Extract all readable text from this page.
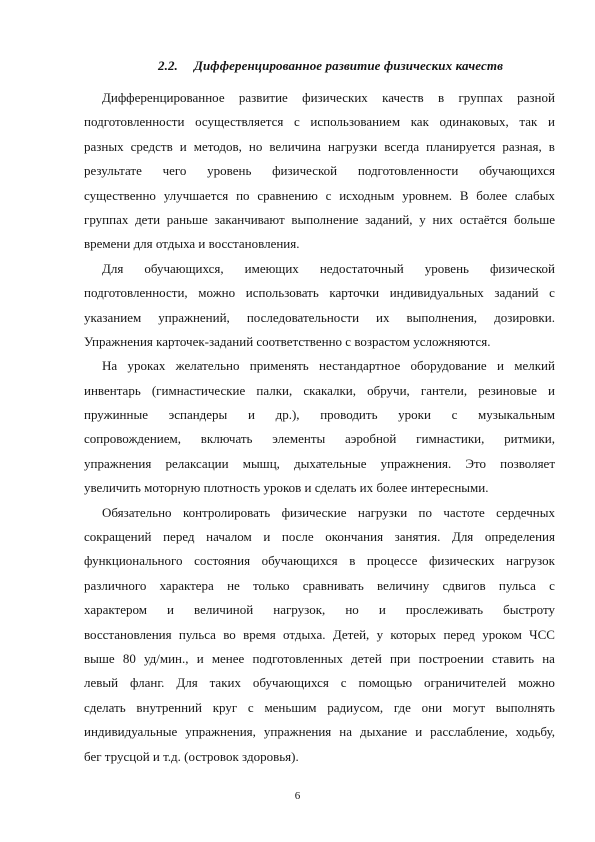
2.2. Дифференцированное развитие физических качеств
Дифференцированное развитие физических качеств в группах разной
подготовленности осуществляется с использованием как одинаковых, так и
разных средств и методов, но величина нагрузки всегда планируется разная, в
результате чего уровень физической подготовленности обучающихся
существенно улучшается по сравнению с исходным уровнем. В более слабых
группах дети раньше заканчивают выполнение заданий, у них остаётся больше
времени для отдыха и восстановления.
Для обучающихся, имеющих недостаточный уровень физической
подготовленности, можно использовать карточки индивидуальных заданий с
указанием упражнений, последовательности их выполнения, дозировки.
Упражнения карточек-заданий соответственно с возрастом усложняются.
На уроках желательно применять нестандартное оборудование и мелкий
инвентарь (гимнастические палки, скакалки, обручи, гантели, резиновые и
пружинные эспандеры и др.), проводить уроки с музыкальным
сопровождением, включать элементы аэробной гимнастики, ритмики,
упражнения релаксации мышц, дыхательные упражнения. Это позволяет
увеличить моторную плотность уроков и сделать их более интересными.
Обязательно контролировать физические нагрузки по частоте сердечных
сокращений перед началом и после окончания занятия. Для определения
функционального состояния обучающихся в процессе физических нагрузок
различного характера не только сравнивать величину сдвигов пульса с
характером и величиной нагрузок, но и прослеживать быстроту
восстановления пульса во время отдыха. Детей, у которых перед уроком ЧСС
выше 80 уд/мин., и менее подготовленных детей при построении ставить на
левый фланг. Для таких обучающихся с помощью ограничителей можно
сделать внутренний круг с меньшим радиусом, где они могут выполнять
индивидуальные упражнения, упражнения на дыхание и расслабление, ходьбу,
бег трусцой и т.д. (островок здоровья).
6
